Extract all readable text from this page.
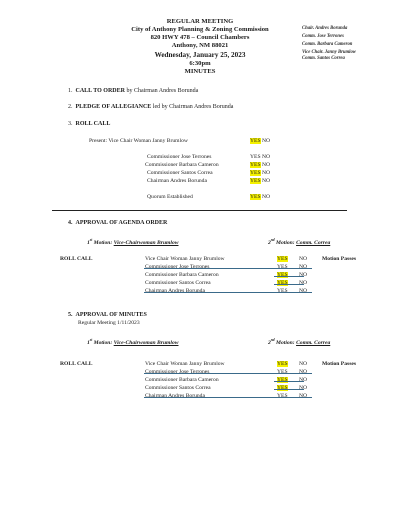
REGULAR MEETING
City of Anthony Planning & Zoning Commission
820 HWY 478 – Council Chambers
Anthony, NM 88021
Wednesday, January 25, 2023
6:30pm
MINUTES
Chair. Andres Borunda
Comm. Jose Terrones
Comm. Barbara Cameron
Vice Chair. Janny Brumlow
Comm. Santos Correa
1. CALL TO ORDER by Chairman Andres Borunda
2. PLEDGE OF ALLEGIANCE led by Chairman Andres Borunda
3. ROLL CALL
Present: Vice Chair Woman Janny Brumlow	YES NO
Commissioner Jose Terrones	YES NO
Commissioner Barbara Cameron	YES NO
Commissioner Santos Correa	YES NO
Chairman Andres Borunda	YES NO
Quorum Established	YES NO
4. APPROVAL OF AGENDA ORDER
1st Motion: Vice-Chairwoman Brumlow	2nd Motion: Comm. Correa
ROLL CALL	Vice Chair Woman Janny Brumlow	YES NO	Motion Passes
Commissioner Jose Terrones	YES NO
Commissioner Barbara Cameron	YES NO
Commissioner Santos Correa	YES NO
Chairman Andres Borunda	YES NO
5. APPROVAL OF MINUTES
Regular Meeting 1/11/2023
1st Motion: Vice-Chairwoman Brumlow	2nd Motion: Comm. Correa
ROLL CALL	Vice Chair Woman Janny Brumlow	YES NO	Motion Passes
Commissioner Jose Terrones	YES NO
Commissioner Barbara Cameron	YES NO
Commissioner Santos Correa	YES NO
Chairman Andres Borunda	YES NO
